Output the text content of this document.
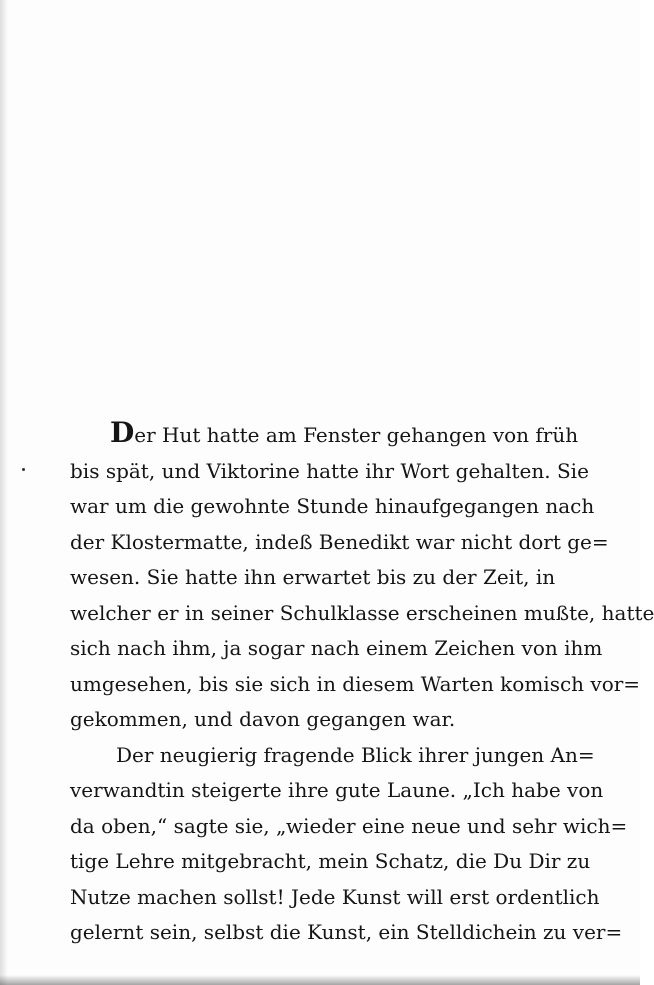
Der Hut hatte am Fenster gehangen von früh
bis spät, und Viktorine hatte ihr Wort gehalten. Sie
war um die gewohnte Stunde hinaufgegangen nach
der Klostermatte, indeß Benedikt war nicht dort ge=
wesen. Sie hatte ihn erwartet bis zu der Zeit, in
welcher er in seiner Schulklasse erscheinen mußte, hatte
sich nach ihm, ja sogar nach einem Zeichen von ihm
umgesehen, bis sie sich in diesem Warten komisch vor=
gekommen, und davon gegangen war.
Der neugierig fragende Blick ihrer jungen An=
verwandtin steigerte ihre gute Laune. „Ich habe von
da oben,“ sagte sie, „wieder eine neue und sehr wich=
tige Lehre mitgebracht, mein Schatz, die Du Dir zu
Nutze machen sollst! Jede Kunst will erst ordentlich
gelernt sein, selbst die Kunst, ein Stelldichein zu ver=
